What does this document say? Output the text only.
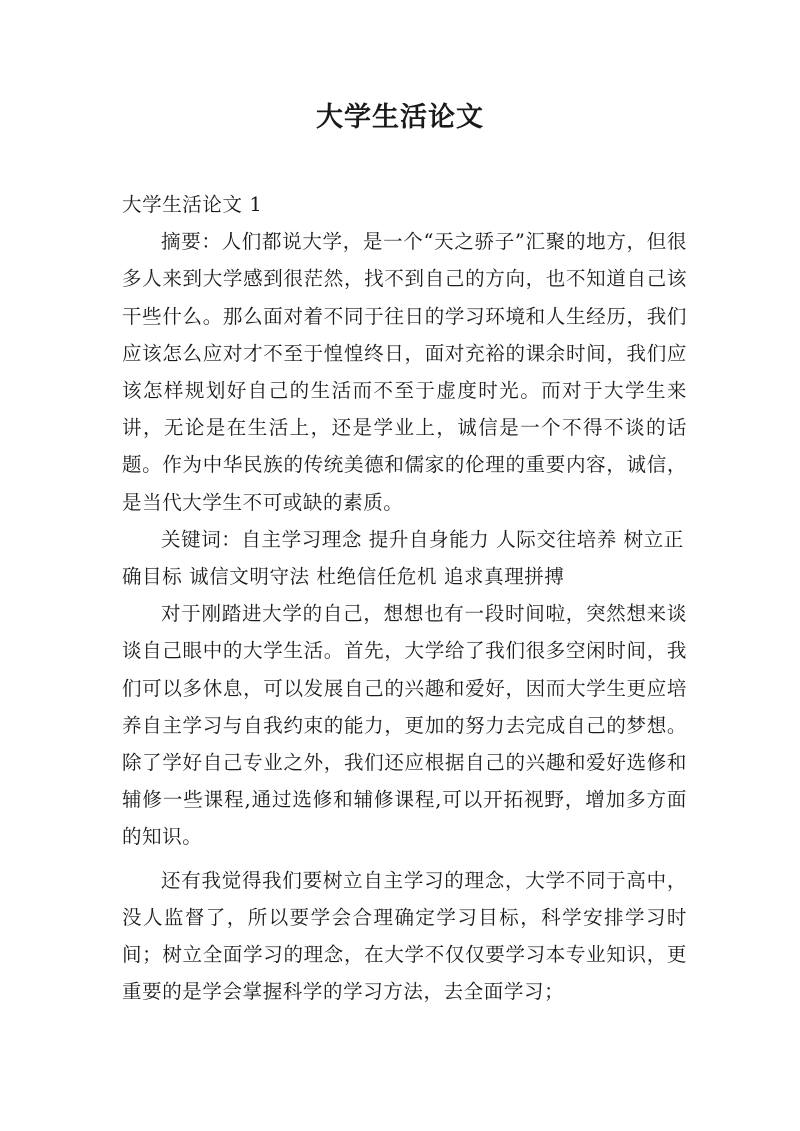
大学生活论文

大学生活论文 1

摘要：人们都说大学，是一个“天之骄子”汇聚的地方，但很多人来到大学感到很茫然，找不到自己的方向，也不知道自己该干些什么。那么面对着不同于往日的学习环境和人生经历，我们应该怎么应对才不至于惶惶终日，面对充裕的课余时间，我们应该怎样规划好自己的生活而不至于虚度时光。而对于大学生来讲，无论是在生活上，还是学业上，诚信是一个不得不谈的话题。作为中华民族的传统美德和儒家的伦理的重要内容，诚信，是当代大学生不可或缺的素质。

关键词：自主学习理念 提升自身能力 人际交往培养 树立正确目标 诚信文明守法 杜绝信任危机 追求真理拼搏

对于刚踏进大学的自己，想想也有一段时间啦，突然想来谈谈自己眼中的大学生活。首先，大学给了我们很多空闲时间，我们可以多休息，可以发展自己的兴趣和爱好，因而大学生更应培养自主学习与自我约束的能力，更加的努力去完成自己的梦想。除了学好自己专业之外，我们还应根据自己的兴趣和爱好选修和辅修一些课程,通过选修和辅修课程,可以开拓视野，增加多方面的知识。

还有我觉得我们要树立自主学习的理念，大学不同于高中，没人监督了，所以要学会合理确定学习目标，科学安排学习时间；树立全面学习的理念，在大学不仅仅要学习本专业知识，更重要的是学会掌握科学的学习方法，去全面学习；
